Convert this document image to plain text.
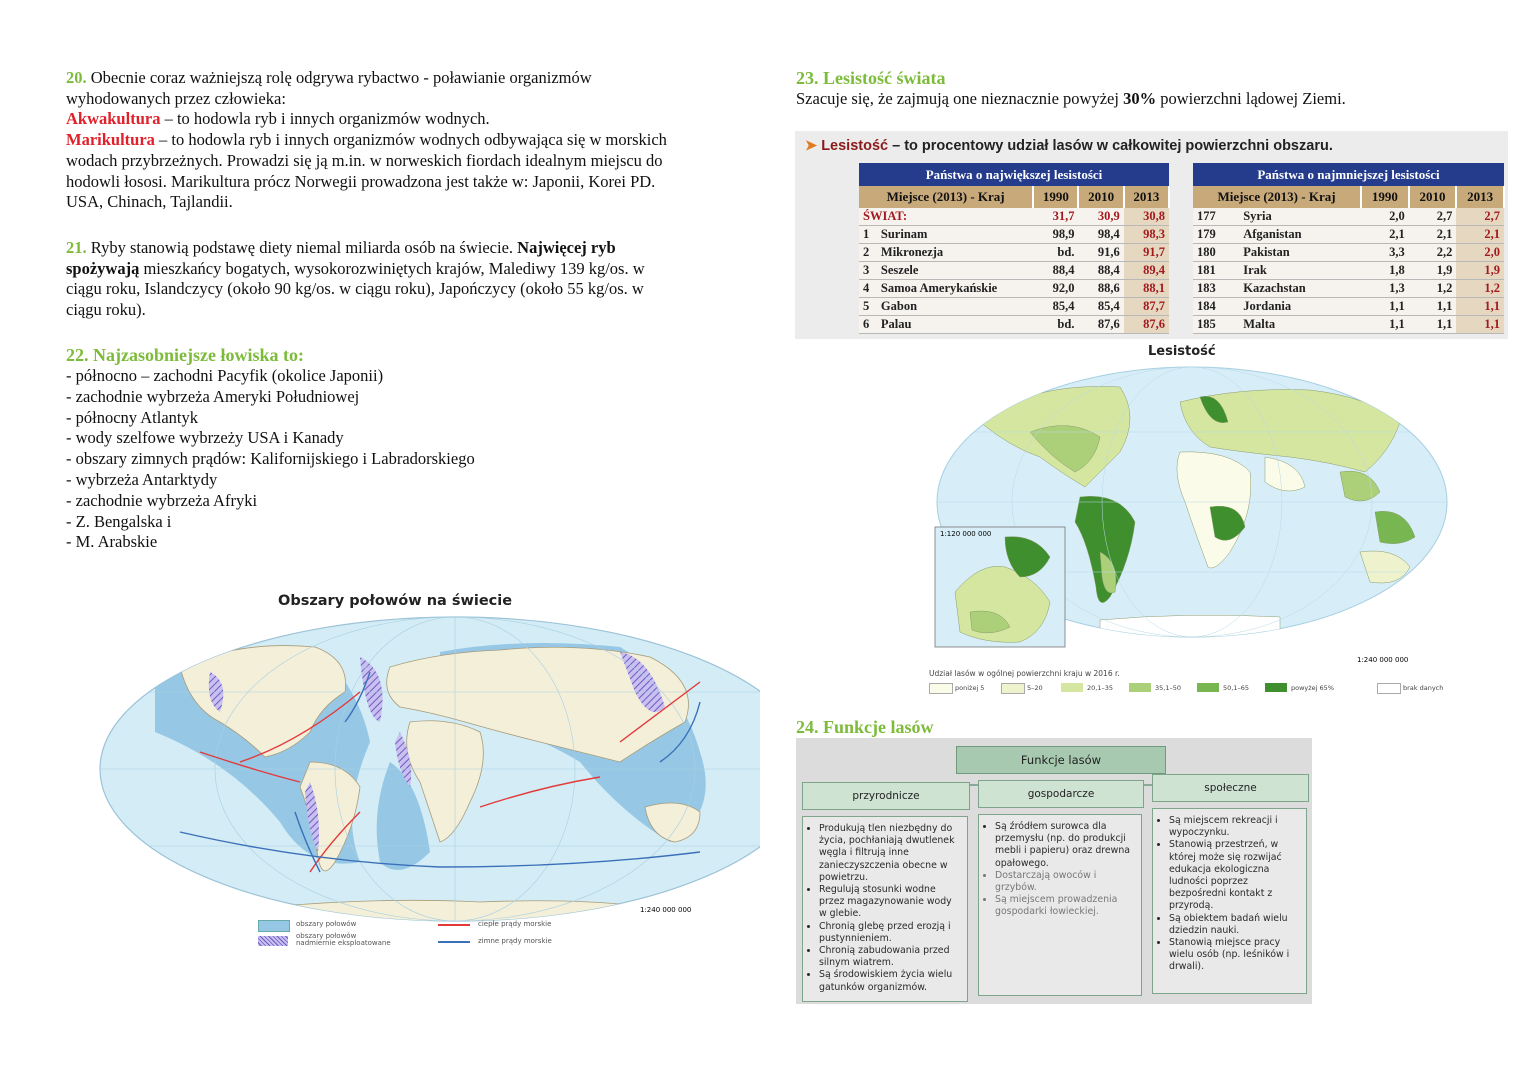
20. Obecnie coraz ważniejszą rolę odgrywa rybactwo - poławianie organizmów
wyhodowanych przez człowieka:
Akwakultura – to hodowla ryb i innych organizmów wodnych.
Marikultura – to hodowla ryb i innych organizmów wodnych odbywająca się w morskich
wodach przybrzeżnych. Prowadzi się ją m.in. w norweskich fiordach idealnym miejscu do
hodowli łososi. Marikultura prócz Norwegii prowadzona jest także w: Japonii, Korei PD.
USA, Chinach, Tajlandii.
21. Ryby stanowią podstawę diety niemal miliarda osób na świecie. Najwięcej ryb
spożywają mieszkańcy bogatych, wysokorozwiniętych krajów, Malediwy 139 kg/os. w
ciągu roku, Islandczycy (około 90 kg/os. w ciągu roku), Japończycy (około 55 kg/os. w
ciągu roku).
22. Najzasobniejsze łowiska to:
- północno – zachodni Pacyfik (okolice Japonii)
- zachodnie wybrzeża Ameryki Południowej
- północny Atlantyk
- wody szelfowe wybrzeży USA i Kanady
- obszary zimnych prądów: Kalifornijskiego i Labradorskiego
- wybrzeża Antarktydy
- zachodnie wybrzeża Afryki
- Z. Bengalska i
- M. Arabskie
Obszary połowów na świecie
1:240 000 000
obszary połowów
obszary połowów
nadmiernie eksploatowane
ciepłe prądy morskie
zimne prądy morskie
23. Lesistość świata
Szacuje się, że zajmują one nieznacznie powyżej 30% powierzchni lądowej Ziemi.
➤ Lesistość – to procentowy udział lasów w całkowitej powierzchni obszaru.
Państwa o największej lesistości				
Miejsce (2013) - Kraj		1990	2010	2013
ŚWIAT:		31,7	30,9	30,8
1	Surinam	98,9	98,4	98,3
2	Mikronezja	bd.	91,6	91,7
3	Seszele	88,4	88,4	89,4
4	Samoa Amerykańskie	92,0	88,6	88,1
5	Gabon	85,4	85,4	87,7
6	Palau	bd.	87,6	87,6
Państwa o najmniejszej lesistości				
Miejsce (2013) - Kraj		1990	2010	2013
177	Syria	2,0	2,7	2,7
179	Afganistan	2,1	2,1	2,1
180	Pakistan	3,3	2,2	2,0
181	Irak	1,8	1,9	1,9
183	Kazachstan	1,3	1,2	1,2
184	Jordania	1,1	1,1	1,1
185	Malta	1,1	1,1	1,1
Lesistość
1:120 000 000
1:240 000 000
Udział lasów w ogólnej powierzchni kraju w 2016 r.
poniżej 5	5–20	20,1–35	35,1–50	50,1–65	powyżej 65%	brak danych
24. Funkcje lasów
Funkcje lasów
przyrodnicze	gospodarcze	społeczne
• Produkują tlen niezbędny do życia, pochłaniają dwutlenek węgla i filtrują inne zanieczyszczenia obecne w powietrzu.
• Regulują stosunki wodne przez magazynowanie wody w glebie.
• Chronią glebę przed erozją i pustynnieniem.
• Chronią zabudowania przed silnym wiatrem.
• Są środowiskiem życia wielu gatunków organizmów.
• Są źródłem surowca dla przemysłu (np. do produkcji mebli i papieru) oraz drewna opałowego.
• Dostarczają owoców i grzybów.
• Są miejscem prowadzenia gospodarki łowieckiej.
• Są miejscem rekreacji i wypoczynku.
• Stanowią przestrzeń, w której może się rozwijać edukacja ekologiczna ludności poprzez bezpośredni kontakt z przyrodą.
• Są obiektem badań wielu dziedzin nauki.
• Stanowią miejsce pracy wielu osób (np. leśników i drwali).
